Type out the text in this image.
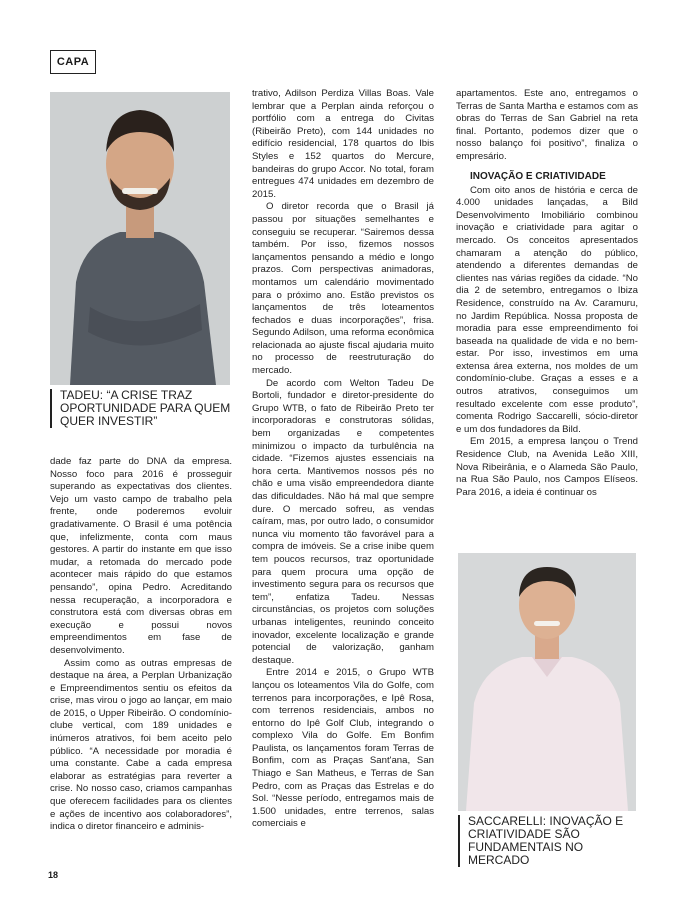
CAPA
TADEU: “A CRISE TRAZ OPORTUNIDADE PARA QUEM QUER INVESTIR”

dade faz parte do DNA da empresa. Nosso foco para 2016 é prosseguir superando as expectativas dos clientes. Vejo um vasto campo de trabalho pela frente, onde poderemos evoluir gradativamente. O Brasil é uma potência que, infelizmente, conta com maus gestores. A partir do instante em que isso mudar, a retomada do mercado pode acontecer mais rápido do que estamos pensando”, opina Pedro. Acreditando nessa recuperação, a incorporadora e construtora está com diversas obras em execução e possui novos empreendimentos em fase de desenvolvimento.

Assim como as outras empresas de destaque na área, a Perplan Urbanização e Empreendimentos sentiu os efeitos da crise, mas virou o jogo ao lançar, em maio de 2015, o Upper Ribeirão. O condomínio-clube vertical, com 189 unidades e inúmeros atrativos, foi bem aceito pelo público. “A necessidade por moradia é uma constante. Cabe a cada empresa elaborar as estratégias para reverter a crise. No nosso caso, criamos campanhas que oferecem facilidades para os clientes e ações de incentivo aos colaboradores”, indica o diretor financeiro e adminis-

trativo, Adilson Perdiza Villas Boas. Vale lembrar que a Perplan ainda reforçou o portfólio com a entrega do Civitas (Ribeirão Preto), com 144 unidades no edifício residencial, 178 quartos do Ibis Styles e 152 quartos do Mercure, bandeiras do grupo Accor. No total, foram entregues 474 unidades em dezembro de 2015.

O diretor recorda que o Brasil já passou por situações semelhantes e conseguiu se recuperar. “Sairemos dessa também. Por isso, fizemos nossos lançamentos pensando a médio e longo prazos. Com perspectivas animadoras, montamos um calendário movimentado para o próximo ano. Estão previstos os lançamentos de três loteamentos fechados e duas incorporações”, frisa. Segundo Adilson, uma reforma econômica relacionada ao ajuste fiscal ajudaria muito no processo de reestruturação do mercado.

De acordo com Welton Tadeu De Bortoli, fundador e diretor-presidente do Grupo WTB, o fato de Ribeirão Preto ter incorporadoras e construtoras sólidas, bem organizadas e competentes minimizou o impacto da turbulência na cidade. “Fizemos ajustes essenciais na hora certa. Mantivemos nossos pés no chão e uma visão empreendedora diante das dificuldades. Não há mal que sempre dure. O mercado sofreu, as vendas caíram, mas, por outro lado, o consumidor nunca viu momento tão favorável para a compra de imóveis. Se a crise inibe quem tem poucos recursos, traz oportunidade para quem procura uma opção de investimento segura para os recursos que tem”, enfatiza Tadeu. Nessas circunstâncias, os projetos com soluções urbanas inteligentes, reunindo conceito inovador, excelente localização e grande potencial de valorização, ganham destaque.

Entre 2014 e 2015, o Grupo WTB lançou os loteamentos Vila do Golfe, com terrenos para incorporações, e Ipê Rosa, com terrenos residenciais, ambos no entorno do Ipê Golf Club, integrando o complexo Vila do Golfe. Em Bonfim Paulista, os lançamentos foram Terras de Bonfim, com as Praças Sant'ana, San Thiago e San Matheus, e Terras de San Pedro, com as Praças das Estrelas e do Sol. “Nesse período, entregamos mais de 1.500 unidades, entre terrenos, salas comerciais e

apartamentos. Este ano, entregamos o Terras de Santa Martha e estamos com as obras do Terras de San Gabriel na reta final. Portanto, podemos dizer que o nosso balanço foi positivo”, finaliza o empresário.

INOVAÇÃO E CRIATIVIDADE

Com oito anos de história e cerca de 4.000 unidades lançadas, a Bild Desenvolvimento Imobiliário combinou inovação e criatividade para agitar o mercado. Os conceitos apresentados chamaram a atenção do público, atendendo a diferentes demandas de clientes nas várias regiões da cidade. “No dia 2 de setembro, entregamos o Ibiza Residence, construído na Av. Caramuru, no Jardim República. Nossa proposta de moradia para esse empreendimento foi baseada na qualidade de vida e no bem-estar. Por isso, investimos em uma extensa área externa, nos moldes de um condomínio-clube. Graças a esses e a outros atrativos, conseguimos um resultado excelente com esse produto”, comenta Rodrigo Saccarelli, sócio-diretor e um dos fundadores da Bild.

Em 2015, a empresa lançou o Trend Residence Club, na Avenida Leão XIII, Nova Ribeirânia, e o Alameda São Paulo, na Rua São Paulo, nos Campos Elíseos. Para 2016, a ideia é continuar os

SACCARELLI: INOVAÇÃO E CRIATIVIDADE SÃO FUNDAMENTAIS NO MERCADO
18
